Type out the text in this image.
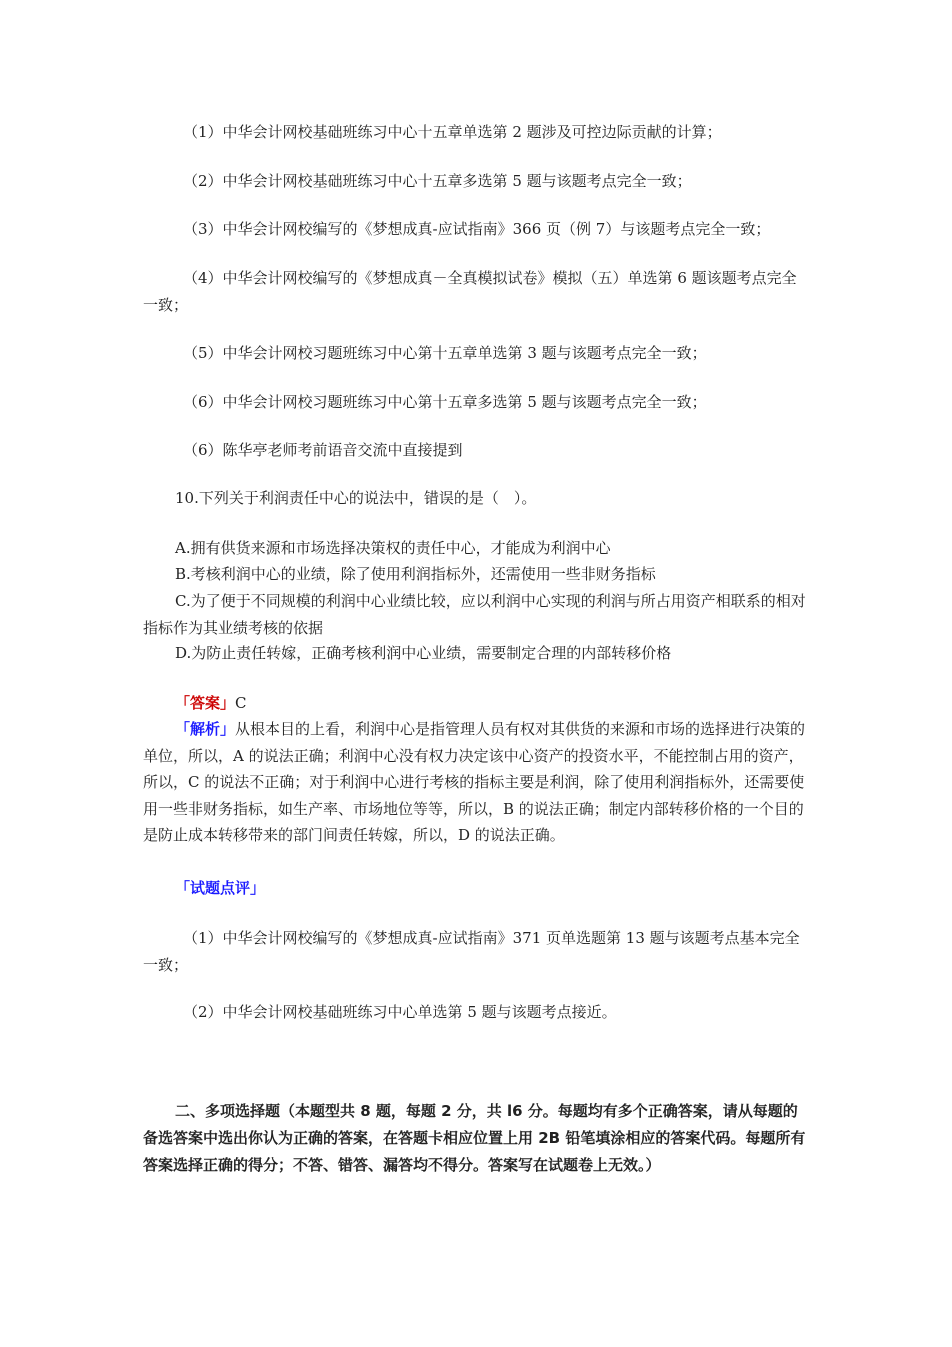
（1）中华会计网校基础班练习中心十五章单选第 2 题涉及可控边际贡献的计算；

（2）中华会计网校基础班练习中心十五章多选第 5 题与该题考点完全一致；

（3）中华会计网校编写的《梦想成真-应试指南》366 页（例 7）与该题考点完全一致；

（4）中华会计网校编写的《梦想成真－全真模拟试卷》模拟（五）单选第 6 题该题考点完全一致；

（5）中华会计网校习题班练习中心第十五章单选第 3 题与该题考点完全一致；

（6）中华会计网校习题班练习中心第十五章多选第 5 题与该题考点完全一致；

（6）陈华亭老师考前语音交流中直接提到

10.下列关于利润责任中心的说法中，错误的是（　）。

A.拥有供货来源和市场选择决策权的责任中心，才能成为利润中心

B.考核利润中心的业绩，除了使用利润指标外，还需使用一些非财务指标

C.为了便于不同规模的利润中心业绩比较，应以利润中心实现的利润与所占用资产相联系的相对指标作为其业绩考核的依据

D.为防止责任转嫁，正确考核利润中心业绩，需要制定合理的内部转移价格

「答案」C

「解析」从根本目的上看，利润中心是指管理人员有权对其供货的来源和市场的选择进行决策的单位，所以，A 的说法正确；利润中心没有权力决定该中心资产的投资水平，不能控制占用的资产，所以，C 的说法不正确；对于利润中心进行考核的指标主要是利润，除了使用利润指标外，还需要使用一些非财务指标，如生产率、市场地位等等，所以，B 的说法正确；制定内部转移价格的一个目的是防止成本转移带来的部门间责任转嫁，所以，D 的说法正确。

「试题点评」

（1）中华会计网校编写的《梦想成真-应试指南》371 页单选题第 13 题与该题考点基本完全一致；

（2）中华会计网校基础班练习中心单选第 5 题与该题考点接近。

二、多项选择题（本题型共 8 题，每题 2 分，共 l6 分。每题均有多个正确答案，请从每题的备选答案中选出你认为正确的答案，在答题卡相应位置上用 2B 铅笔填涂相应的答案代码。每题所有答案选择正确的得分；不答、错答、漏答均不得分。答案写在试题卷上无效。）
